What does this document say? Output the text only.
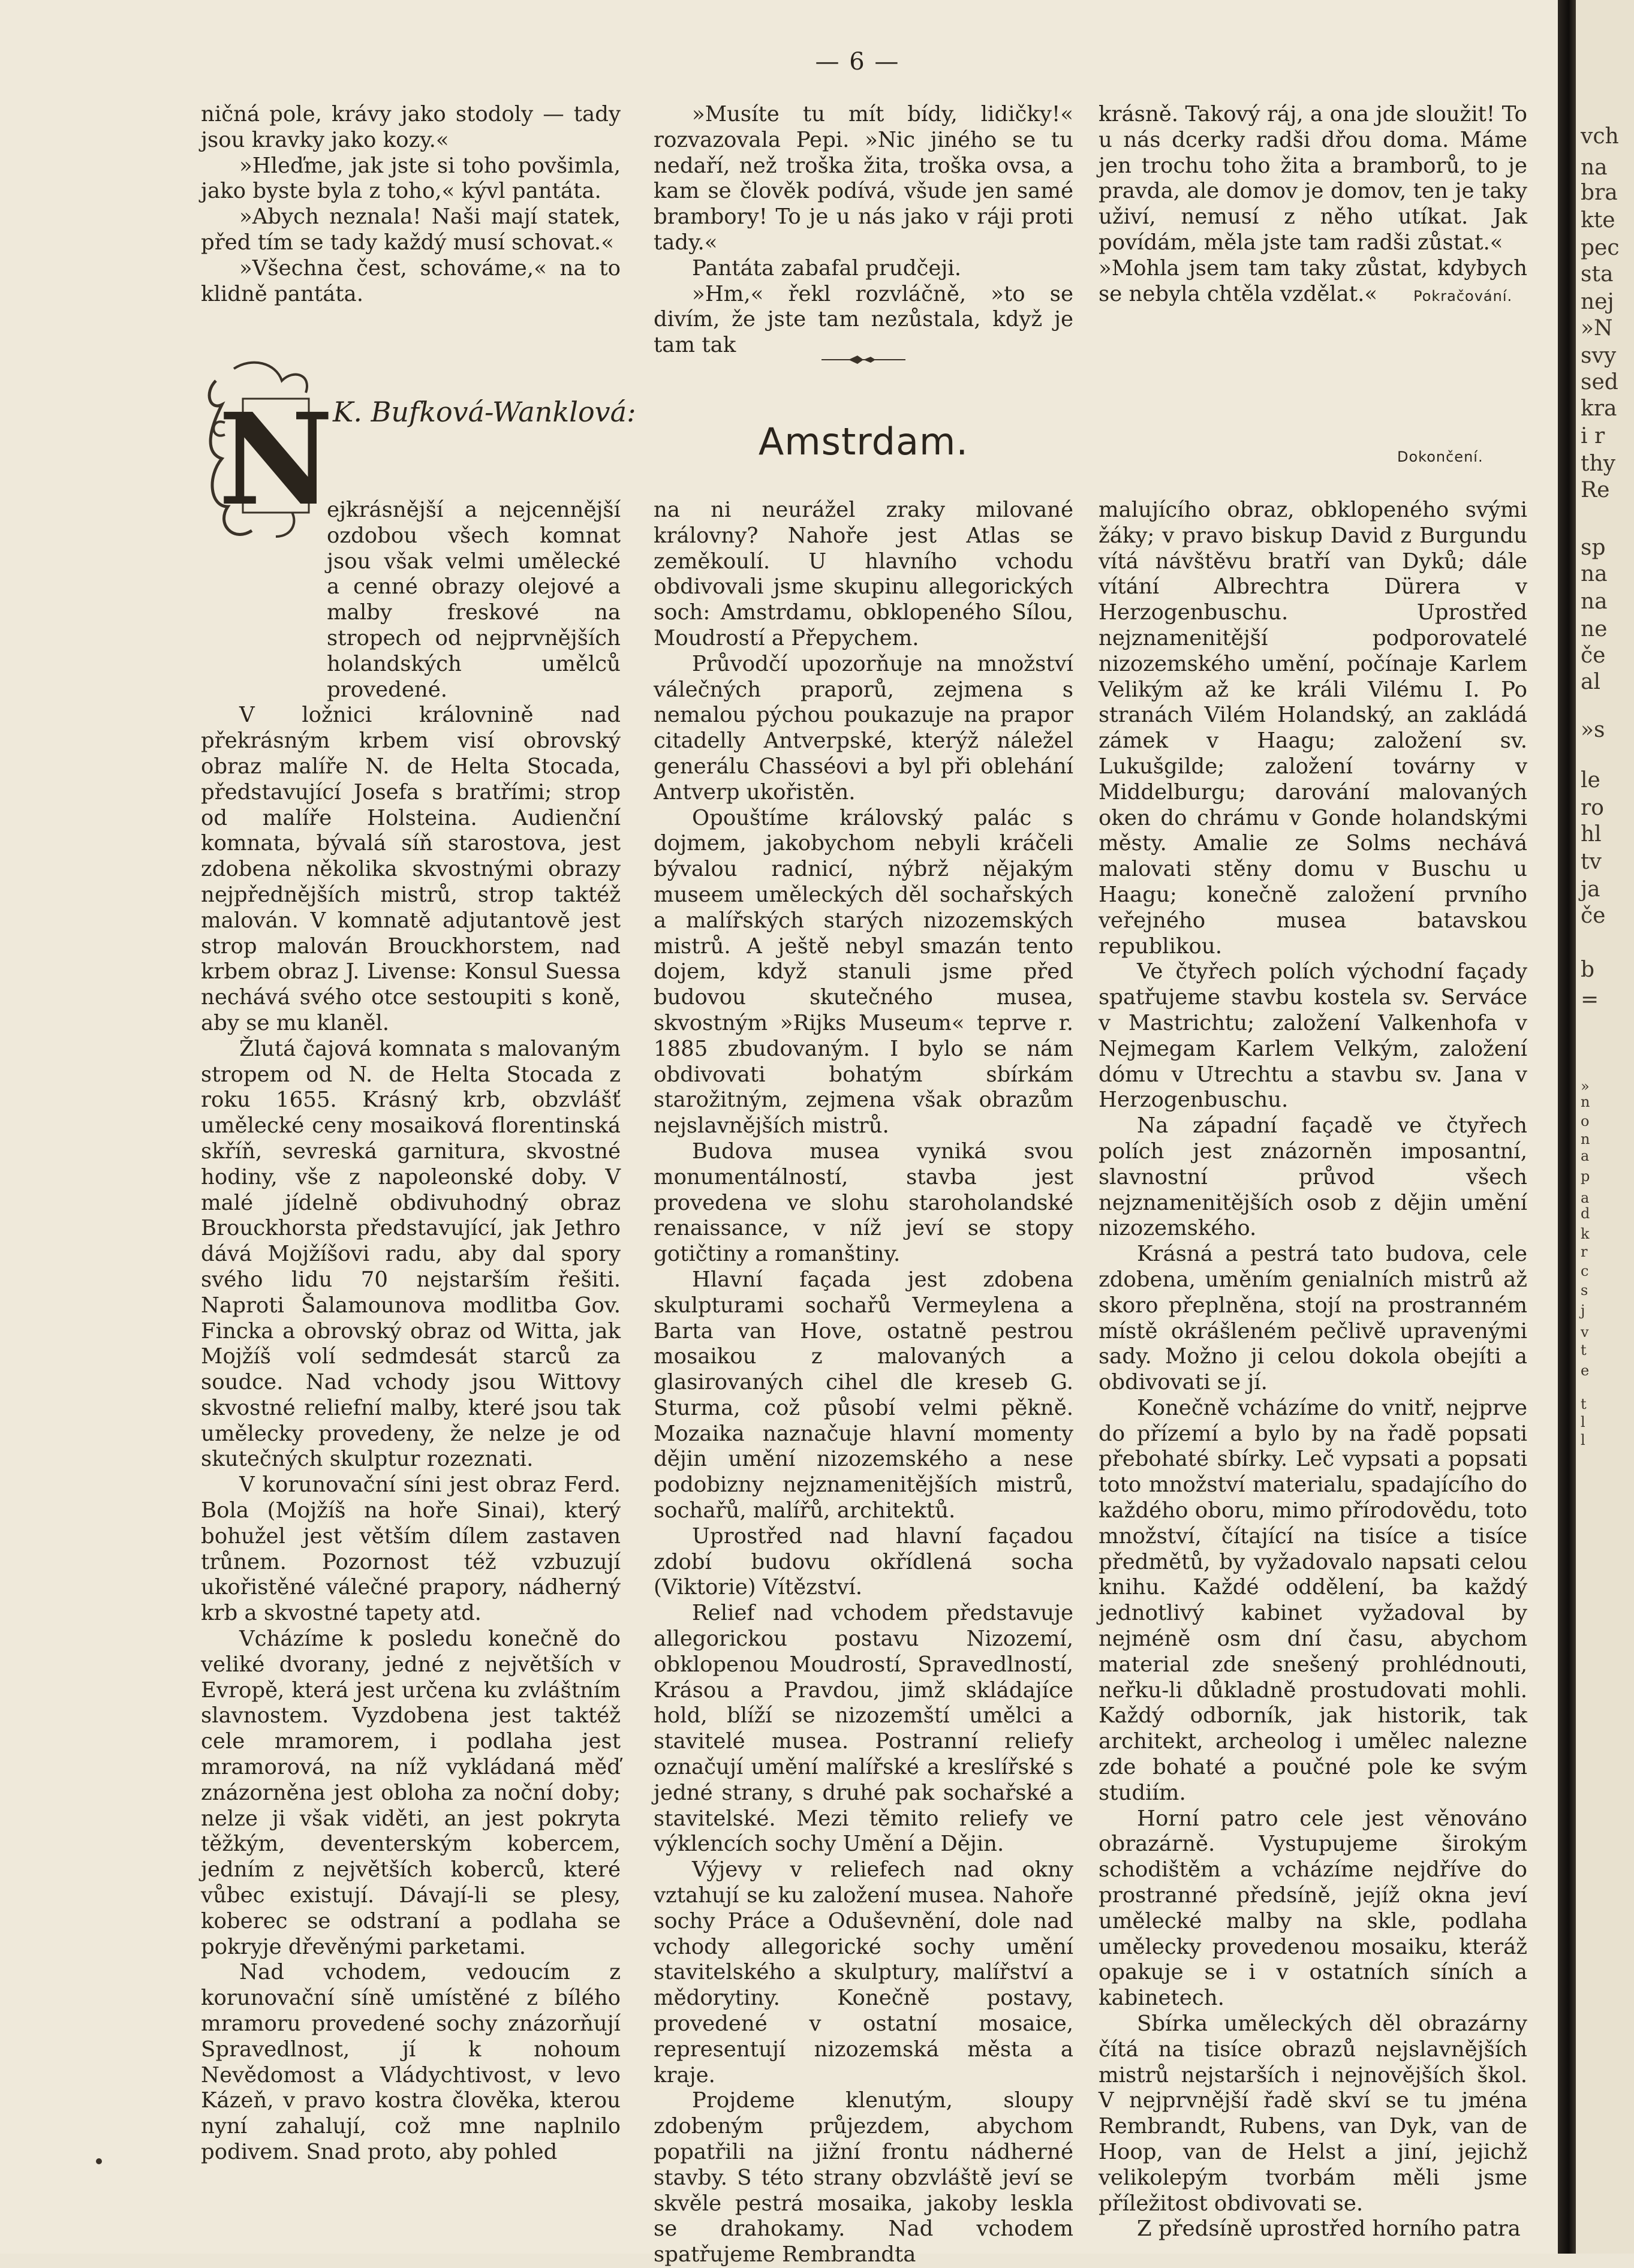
— 6 —

ničná pole, krávy jako stodoly — tady jsou kravky jako kozy.«

»Hleďme, jak jste si toho povšimla, jako byste byla z toho,« kývl pantáta.

»Abych neznala! Naši mají statek, před tím se tady každý musí schovat.«

»Všechna čest, schováme,« na to klidně pantáta.

»Musíte tu mít bídy, lidičky!« rozvazovala Pepi. »Nic jiného se tu nedaří, než troška žita, troška ovsa, a kam se člověk podívá, všude jen samé brambory! To je u nás jako v ráji proti tady.«

Pantáta zabafal prudčeji.

»Hm,« řekl rozvláčně, »to se divím, že jste tam nezůstala, když je tam tak

krásně. Takový ráj, a ona jde sloužit! To u nás dcerky radši dřou doma. Máme jen trochu toho žita a bramborů, to je pravda, ale domov je domov, ten je taky uživí, nemusí z něho utíkat. Jak povídám, měla jste tam radši zůstat.«

»Mohla jsem tam taky zůstat, kdybych se nebyla chtěla vzdělat.«	Pokračování.

N K. Bufková-Wanklová:
Amstrdam.	Dokončení.

ejkrásnější a nejcennější ozdobou všech komnat jsou však velmi umělecké a cenné obrazy olejové a malby freskové na stropech od nejprvnějších holandských umělců provedené.

V ložnici královnině nad překrásným krbem visí obrovský obraz malíře N. de Helta Stocada, představující Josefa s bratřími; strop od malíře Holsteina. Audienční komnata, bývalá síň starostova, jest zdobena několika skvostnými obrazy nejpřednějších mistrů, strop taktéž malován. V komnatě adjutantově jest strop malován Brouckhorstem, nad krbem obraz J. Livense: Konsul Suessa nechává svého otce sestoupiti s koně, aby se mu klaněl.

Žlutá čajová komnata s malovaným stropem od N. de Helta Stocada z roku 1655. Krásný krb, obzvlášť umělecké ceny mosaiková florentinská skříň, sevreská garnitura, skvostné hodiny, vše z napoleonské doby. V malé jídelně obdivuhodný obraz Brouckhorsta představující, jak Jethro dává Mojžíšovi radu, aby dal spory svého lidu 70 nejstarším řešiti. Naproti Šalamounova modlitba Gov. Fincka a obrovský obraz od Witta, jak Mojžíš volí sedmdesát starců za soudce. Nad vchody jsou Wittovy skvostné reliefní malby, které jsou tak umělecky provedeny, že nelze je od skutečných skulptur rozeznati.

V korunovační síni jest obraz Ferd. Bola (Mojžíš na hoře Sinai), který bohužel jest větším dílem zastaven trůnem. Pozornost též vzbuzují ukořistěné válečné prapory, nádherný krb a skvostné tapety atd.

Vcházíme k posledu konečně do veliké dvorany, jedné z největších v Evropě, která jest určena ku zvláštním slavnostem. Vyzdobena jest taktéž cele mramorem, i podlaha jest mramorová, na níž vykládaná měď znázorněna jest obloha za noční doby; nelze ji však viděti, an jest pokryta těžkým, deventerským kobercem, jedním z největších koberců, které vůbec existují. Dávají-li se plesy, koberec se odstraní a podlaha se pokryje dřevěnými parketami.

Nad vchodem, vedoucím z korunovační síně umístěné z bílého mramoru provedené sochy znázorňují Spravedlnost, jí k nohoum Nevědomost a Vládychtivost, v levo Kázeň, v pravo kostra člověka, kterou nyní zahalují, což mne naplnilo podivem. Snad proto, aby pohled

na ni neurážel zraky milované královny? Nahoře jest Atlas se zeměkoulí. U hlavního vchodu obdivovali jsme skupinu allegorických soch: Amstrdamu, obklopeného Sílou, Moudrostí a Přepychem.

Průvodčí upozorňuje na množství válečných praporů, zejmena s nemalou pýchou poukazuje na prapor citadelly Antverpské, kterýž náležel generálu Chasséovi a byl při oblehání Antverp ukořistěn.

Opouštíme královský palác s dojmem, jakobychom nebyli kráčeli bývalou radnicí, nýbrž nějakým museem uměleckých děl sochařských a malířských starých nizozemských mistrů. A ještě nebyl smazán tento dojem, když stanuli jsme před budovou skutečného musea, skvostným »Rijks Museum« teprve r. 1885 zbudovaným. I bylo se nám obdivovati bohatým sbírkám starožitným, zejmena však obrazům nejslavnějších mistrů.

Budova musea vyniká svou monumentálností, stavba jest provedena ve slohu staroholandské renaissance, v níž jeví se stopy gotičtiny a romanštiny.

Hlavní façada jest zdobena skulpturami sochařů Vermeylena a Barta van Hove, ostatně pestrou mosaikou z malovaných a glasirovaných cihel dle kreseb G. Sturma, což působí velmi pěkně. Mozaika naznačuje hlavní momenty dějin umění nizozemského a nese podobizny nejznamenitějších mistrů, sochařů, malířů, architektů.

Uprostřed nad hlavní façadou zdobí budovu okřídlená socha (Viktorie) Vítězství.

Relief nad vchodem představuje allegorickou postavu Nizozemí, obklopenou Moudrostí, Spravedlností, Krásou a Pravdou, jimž skládajíce hold, blíží se nizozemští umělci a stavitelé musea. Postranní reliefy označují umění malířské a kreslířské s jedné strany, s druhé pak sochařské a stavitelské. Mezi těmito reliefy ve výklencích sochy Umění a Dějin.

Výjevy v reliefech nad okny vztahují se ku založení musea. Nahoře sochy Práce a Oduševnění, dole nad vchody allegorické sochy umění stavitelského a skulptury, malířství a mědorytiny. Konečně postavy, provedené v ostatní mosaice, representují nizozemská města a kraje.

Projdeme klenutým, sloupy zdobeným průjezdem, abychom popatřili na jižní frontu nádherné stavby. S této strany obzvláště jeví se skvěle pestrá mosaika, jakoby leskla se drahokamy. Nad vchodem spatřujeme Rembrandta

malujícího obraz, obklopeného svými žáky; v pravo biskup David z Burgundu vítá návštěvu bratří van Dyků; dále vítání Albrechtra Dürera v Herzogenbuschu. Uprostřed nejznamenitější podporovatelé nizozemského umění, počínaje Karlem Velikým až ke králi Vilému I. Po stranách Vilém Holandský, an zakládá zámek v Haagu; založení sv. Lukušgilde; založení továrny v Middelburgu; darování malovaných oken do chrámu v Gonde holandskými městy. Amalie ze Solms nechává malovati stěny domu v Buschu u Haagu; konečně založení prvního veřejného musea batavskou republikou.

Ve čtyřech polích východní façady spatřujeme stavbu kostela sv. Serváce v Mastrichtu; založení Valkenhofa v Nejmegam Karlem Velkým, založení dómu v Utrechtu a stavbu sv. Jana v Herzogenbuschu.

Na západní façadě ve čtyřech polích jest znázorněn imposantní, slavnostní průvod všech nejznamenitějších osob z dějin umění nizozemského.

Krásná a pestrá tato budova, cele zdobena, uměním genialních mistrů až skoro přeplněna, stojí na prostranném místě okrášleném pečlivě upravenými sady. Možno ji celou dokola obejíti a obdivovati se jí.

Konečně vcházíme do vnitř, nejprve do přízemí a bylo by na řadě popsati přebohaté sbírky. Leč vypsati a popsati toto množství materialu, spadajícího do každého oboru, mimo přírodovědu, toto množství, čítající na tisíce a tisíce předmětů, by vyžadovalo napsati celou knihu. Každé oddělení, ba každý jednotlivý kabinet vyžadoval by nejméně osm dní času, abychom material zde snešený prohlédnouti, neřku-li důkladně prostudovati mohli. Každý odborník, jak historik, tak architekt, archeolog i umělec nalezne zde bohaté a poučné pole ke svým studiím.

Horní patro cele jest věnováno obrazárně. Vystupujeme širokým schodištěm a vcházíme nejdříve do prostranné předsíně, jejíž okna jeví umělecké malby na skle, podlaha umělecky provedenou mosaiku, kteráž opakuje se i v ostatních síních a kabinetech.

Sbírka uměleckých děl obrazárny čítá na tisíce obrazů nejslavnějších mistrů nejstarších i nejnovějších škol. V nejprvnější řadě skví se tu jména Rembrandt, Rubens, van Dyk, van de Hoop, van de Helst a jiní, jejichž velikolepým tvorbám měli jsme příležitost obdivovati se.

Z předsíně uprostřed horního patra

vch
na
bra
kte
pec
sta
nej
»N
svy
sed
kra
i r
thy
Re
sp
na
na
ne
če
al
»s
le
ro
hl
tv
ja
če
b
=
»
n
o
n
a
p
a
d
k
r
c
s
j
v
t
e
t
l
l
